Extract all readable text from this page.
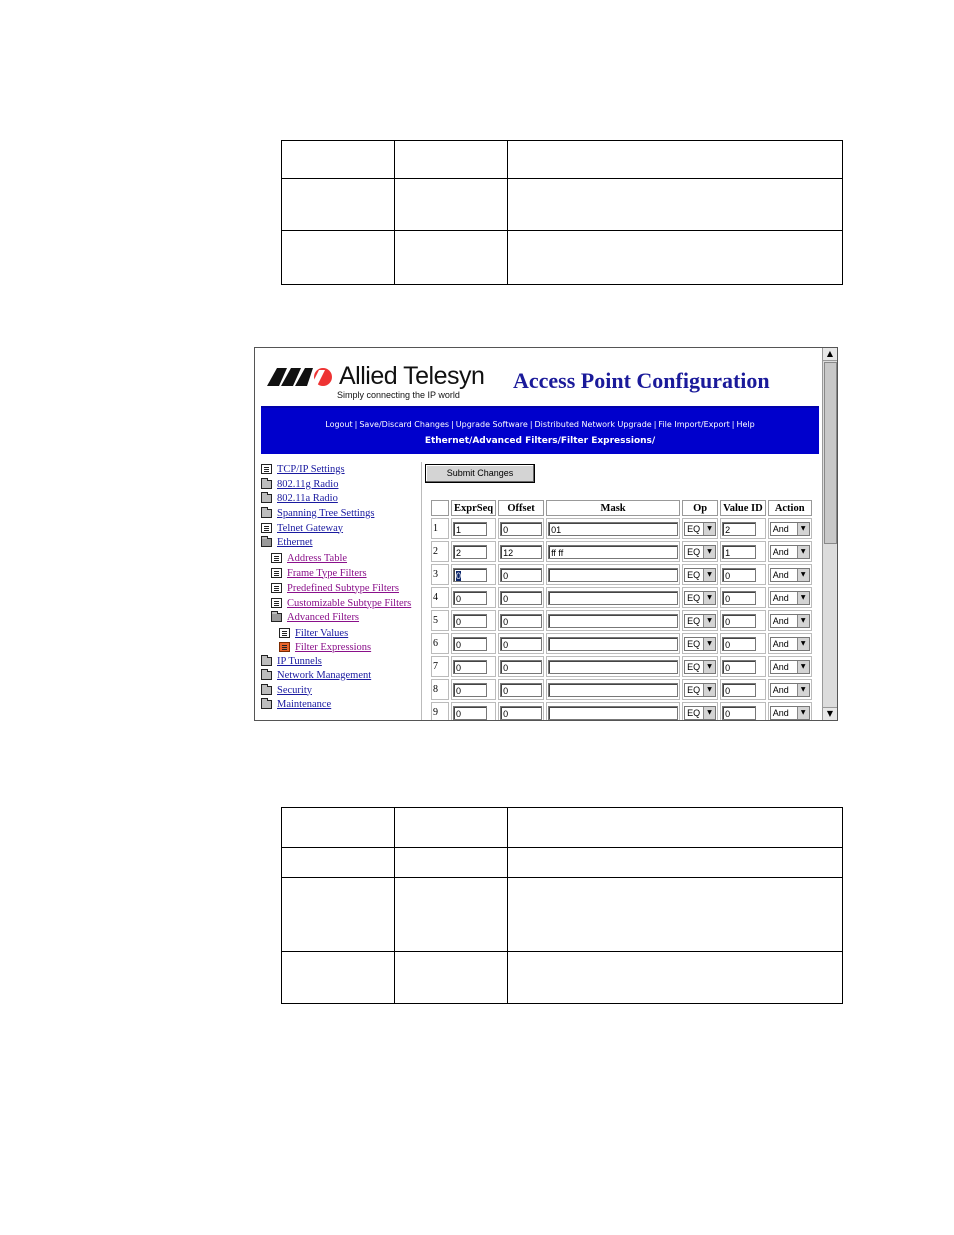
Allied Telesyn
Simply connecting the IP world
Access Point Configuration
Logout | Save/Discard Changes | Upgrade Software | Distributed Network Upgrade | File Import/Export | Help
Ethernet/Advanced Filters/Filter Expressions/
TCP/IP Settings
802.11g Radio
802.11a Radio
Spanning Tree Settings
Telnet Gateway
Ethernet
Address Table
Frame Type Filters
Predefined Subtype Filters
Customizable Subtype Filters
Advanced Filters
Filter Values
Filter Expressions
IP Tunnels
Network Management
Security
Maintenance
Submit Changes
	ExprSeq	Offset	Mask	Op	Value ID	Action
1	1	0	01	EQ ▼	2	And ▼

2	2	12	ff ff	EQ ▼	1	And ▼

3	0	0		EQ ▼	0	And ▼

4	0	0		EQ ▼	0	And ▼

5	0	0		EQ ▼	0	And ▼

6	0	0		EQ ▼	0	And ▼

7	0	0		EQ ▼	0	And ▼

8	0	0		EQ ▼	0	And ▼

9	0	0		EQ ▼	0	And ▼
▲
▼
